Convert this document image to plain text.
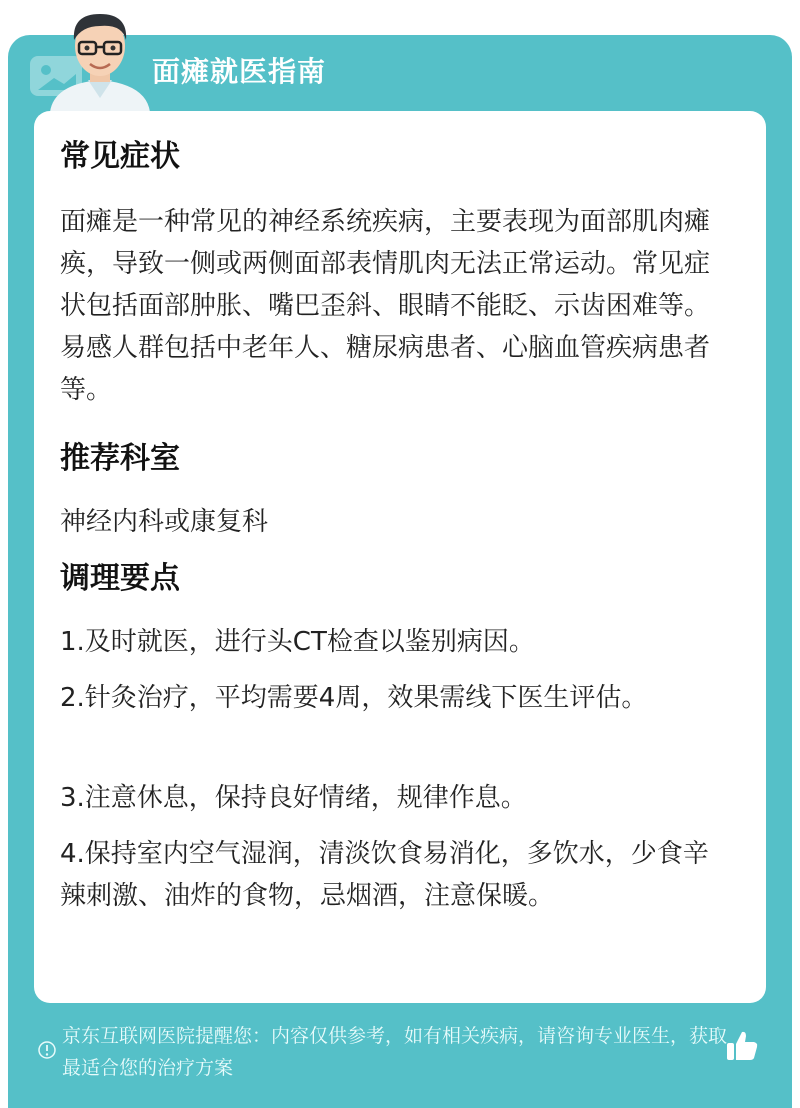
面瘫就医指南
常见症状

面瘫是一种常见的神经系统疾病，主要表现为面部肌肉瘫痪，导致一侧或两侧面部表情肌肉无法正常运动。常见症状包括面部肿胀、嘴巴歪斜、眼睛不能眨、示齿困难等。易感人群包括中老年人、糖尿病患者、心脑血管疾病患者等。

推荐科室

神经内科或康复科

调理要点

1.及时就医，进行头CT检查以鉴别病因。

2.针灸治疗，平均需要4周，效果需线下医生评估。

3.注意休息，保持良好情绪，规律作息。

4.保持室内空气湿润，清淡饮食易消化，多饮水，少食辛辣刺激、油炸的食物，忌烟酒，注意保暖。

京东互联网医院提醒您：内容仅供参考，如有相关疾病，请咨询专业医生，获取最适合您的治疗方案
